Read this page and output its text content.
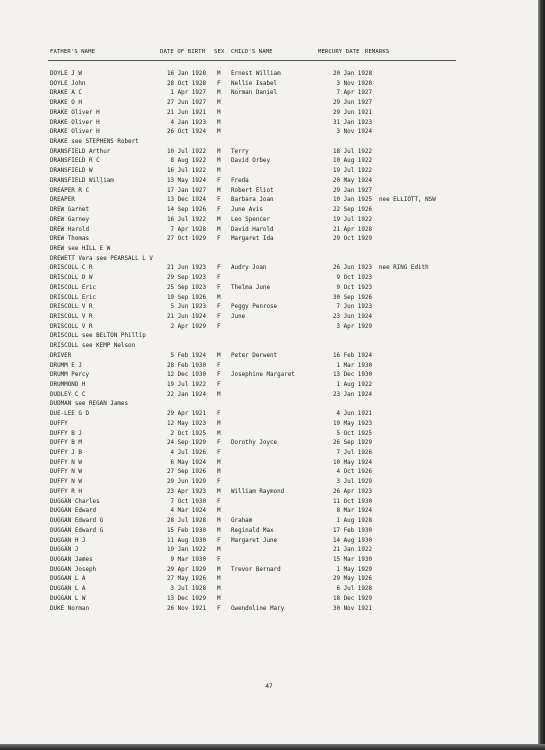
FATHER'S NAME	DATE OF BIRTH SEX CHILD'S NAME	MERCURY DATE REMARKS
DOYLE J W	16 Jan 1928 M Ernest William	20 Jan 1928
DOYLE John	28 Oct 1928 F Nellie Isabel	3 Nov 1928
DRAKE A C	1 Apr 1927 M Norman Daniel	7 Apr 1927
DRAKE O H	27 Jun 1927 M	29 Jun 1927
DRAKE Oliver H	21 Jun 1921 M	29 Jun 1921
DRAKE Oliver H	4 Jan 1923 M	31 Jan 1923
DRAKE Oliver H	26 Oct 1924 M	3 Nov 1924
DRAKE see STEPHENS Robert
DRANSFIELD Arthur	10 Jul 1922 M Terry	18 Jul 1922
DRANSFIELD R C	8 Aug 1922 M David Orbey	10 Aug 1922
DRANSFIELD W	16 Jul 1922 M	19 Jul 1922
DRANSFIELD William	13 May 1924 F Freda	20 May 1924
DREAPER R C	17 Jan 1927 M Robert Eliot	29 Jan 1927
DREAPER	13 Dec 1924 F Barbara Joan	10 Jan 1925 nee ELLIOTT, NSW
DREW Garnet	14 Sep 1926 F June Avis	22 Sep 1926
DREW Garney	16 Jul 1922 M Leo Spencer	19 Jul 1922
DREW Harold	7 Apr 1928 M David Harold	21 Apr 1928
DREW Thomas	27 Oct 1929 F Margaret Ida	29 Oct 1929
DREW see HILL E W
DREWETT Vera see PEARSALL L V
DRISCOLL C R	21 Jun 1923 F Audry Joan	26 Jun 1923 nee RING Edith
DRISCOLL D W	29 Sep 1923 F	9 Oct 1923
DRISCOLL Eric	25 Sep 1923 F Thelma June	9 Oct 1923
DRISCOLL Eric	19 Sep 1926 M	30 Sep 1926
DRISCOLL V R	5 Jun 1923 F Peggy Penrose	7 Jun 1923
DRISCOLL V R	21 Jun 1924 F June	23 Jun 1924
DRISCOLL V R	2 Apr 1929 F	3 Apr 1929
DRISCOLL see BELTON Phillip
DRISCOLL see KEMP Nelson
DRIVER	5 Feb 1924 M Peter Derwent	16 Feb 1924
DRUMM E J	28 Feb 1930 F	1 Mar 1930
DRUMM Percy	12 Dec 1930 F Josephine Margaret	13 Dec 1930
DRUMMOND H	19 Jul 1922 F	1 Aug 1922
DUDLEY C C	22 Jan 1924 M	23 Jan 1924
DUDMAN see REGAN James
DUE-LEE G D	29 Apr 1921 F	4 Jun 1921
DUFFY	12 May 1923 M	19 May 1923
DUFFY B J	2 Oct 1925 M	5 Oct 1925
DUFFY B M	24 Sep 1929 F Dorothy Joyce	26 Sep 1929
DUFFY J B	4 Jul 1926 F	7 Jul 1926
DUFFY N W	6 May 1924 M	10 May 1924
DUFFY N W	27 Sep 1926 M	4 Oct 1926
DUFFY N W	29 Jun 1929 F	3 Jul 1929
DUFFY R H	23 Apr 1923 M William Raymond	26 Apr 1923
DUGGAN Charles	7 Oct 1930 F	11 Oct 1930
DUGGAN Edward	4 Mar 1924 M	8 Mar 1924
DUGGAN Edward G	28 Jul 1928 M Graham	1 Aug 1928
DUGGAN Edward G	15 Feb 1930 M Reginald Max	17 Feb 1930
DUGGAN H J	11 Aug 1930 F Margaret June	14 Aug 1930
DUGGAN J	19 Jan 1922 M	21 Jan 1922
DUGGAN James	9 Mar 1930 F	15 Mar 1930
DUGGAN Joseph	29 Apr 1929 M Trevor Bernard	1 May 1929
DUGGAN L A	27 May 1926 M	29 May 1926
DUGGAN L A	3 Jul 1928 M	6 Jul 1928
DUGGAN L W	13 Dec 1929 M	18 Dec 1929
DUKE Norman	26 Nov 1921 F Gwendoline Mary	30 Nov 1921
47
